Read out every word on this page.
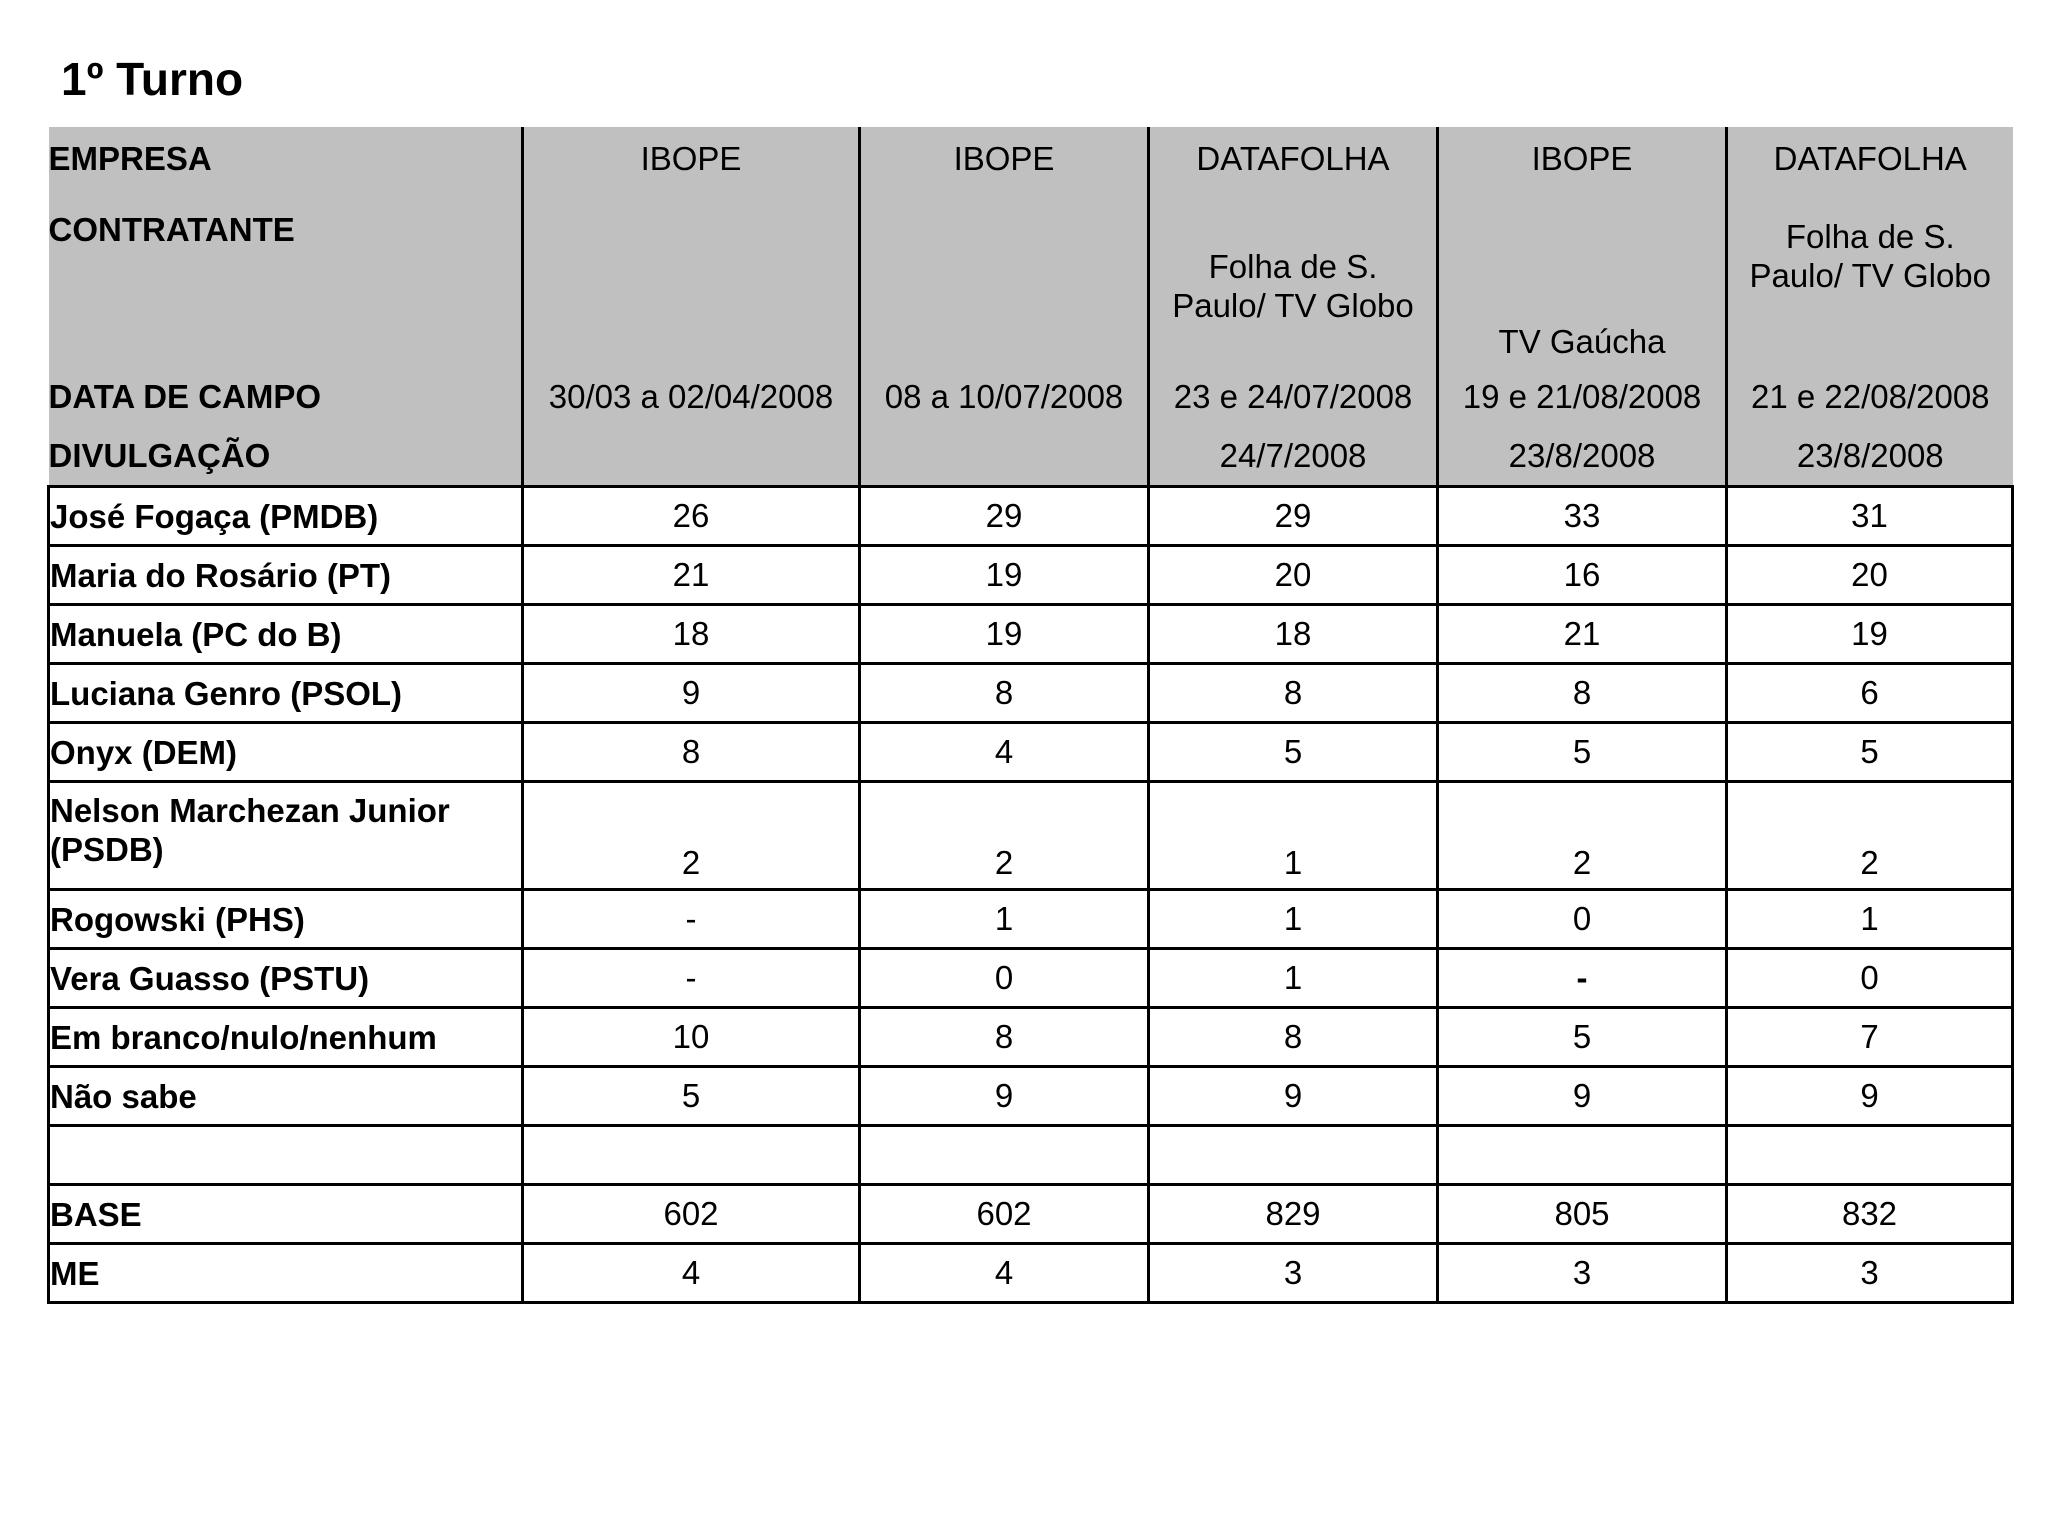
1º Turno
EMPRESA	IBOPE	IBOPE	DATAFOLHA	IBOPE	DATAFOLHA
CONTRATANTE			Folha de S. Paulo/ TV Globo	TV Gaúcha	Folha de S. Paulo/ TV Globo
DATA DE CAMPO	30/03 a 02/04/2008	08 a 10/07/2008	23 e 24/07/2008	19 e 21/08/2008	21 e 22/08/2008
DIVULGAÇÃO			24/7/2008	23/8/2008	23/8/2008
José Fogaça (PMDB)	26	29	29	33	31
Maria do Rosário (PT)	21	19	20	16	20
Manuela (PC do B)	18	19	18	21	19
Luciana Genro (PSOL)	9	8	8	8	6
Onyx (DEM)	8	4	5	5	5
Nelson Marchezan Junior (PSDB)	2	2	1	2	2
Rogowski (PHS)	-	1	1	0	1
Vera Guasso (PSTU)	-	0	1	-	0
Em branco/nulo/nenhum	10	8	8	5	7
Não sabe	5	9	9	9	9

BASE	602	602	829	805	832
ME	4	4	3	3	3
